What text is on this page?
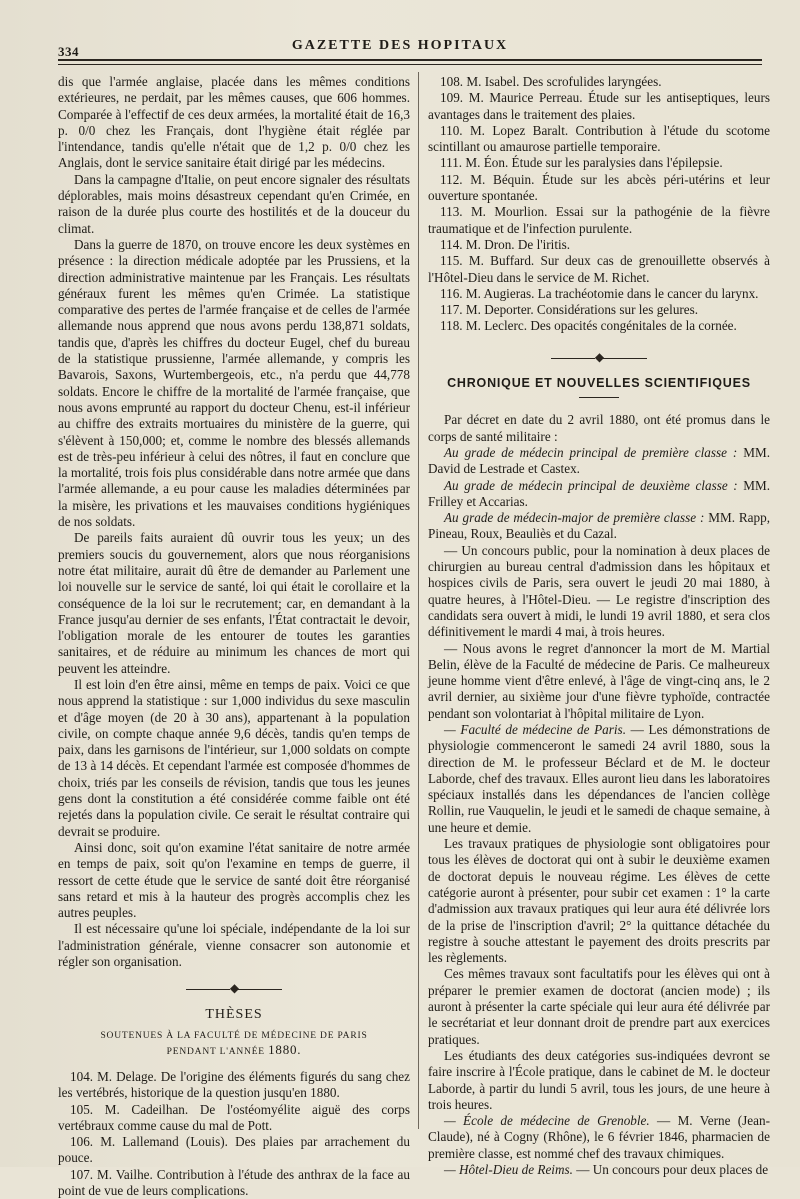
334	GAZETTE DES HOPITAUX

dis que l'armée anglaise, placée dans les mêmes conditions extérieures, ne perdait, par les mêmes causes, que 606 hommes. Comparée à l'effectif de ces deux armées, la mortalité était de 16,3 p. 0/0 chez les Français, dont l'hygiène était réglée par l'intendance, tandis qu'elle n'était que de 1,2 p. 0/0 chez les Anglais, dont le service sanitaire était dirigé par les médecins.

Dans la campagne d'Italie, on peut encore signaler des résultats déplorables, mais moins désastreux cependant qu'en Crimée, en raison de la durée plus courte des hostilités et de la douceur du climat.

Dans la guerre de 1870, on trouve encore les deux systèmes en présence : la direction médicale adoptée par les Prussiens, et la direction administrative maintenue par les Français. Les résultats généraux furent les mêmes qu'en Crimée. La statistique comparative des pertes de l'armée française et de celles de l'armée allemande nous apprend que nous avons perdu 138,871 soldats, tandis que, d'après les chiffres du docteur Eugel, chef du bureau de la statistique prussienne, l'armée allemande, y compris les Bavarois, Saxons, Wurtembergeois, etc., n'a perdu que 44,778 soldats. Encore le chiffre de la mortalité de l'armée française, que nous avons emprunté au rapport du docteur Chenu, est-il inférieur au chiffre des extraits mortuaires du ministère de la guerre, qui s'élèvent à 150,000; et, comme le nombre des blessés allemands est de très-peu inférieur à celui des nôtres, il faut en conclure que la mortalité, trois fois plus considérable dans notre armée que dans l'armée allemande, a eu pour cause les maladies déterminées par la misère, les privations et les mauvaises conditions hygiéniques de nos soldats.

De pareils faits auraient dû ouvrir tous les yeux; un des premiers soucis du gouvernement, alors que nous réorganisions notre état militaire, aurait dû être de demander au Parlement une loi nouvelle sur le service de santé, loi qui était le corollaire et la conséquence de la loi sur le recrutement; car, en demandant à la France jusqu'au dernier de ses enfants, l'État contractait le devoir, l'obligation morale de les entourer de toutes les garanties sanitaires, et de réduire au minimum les chances de mort qui peuvent les atteindre.

Il est loin d'en être ainsi, même en temps de paix. Voici ce que nous apprend la statistique : sur 1,000 individus du sexe masculin et d'âge moyen (de 20 à 30 ans), appartenant à la population civile, on compte chaque année 9,6 décès, tandis qu'en temps de paix, dans les garnisons de l'intérieur, sur 1,000 soldats on compte de 13 à 14 décès. Et cependant l'armée est composée d'hommes de choix, triés par les conseils de révision, tandis que tous les jeunes gens dont la constitution a été considérée comme faible ont été rejetés dans la population civile. Ce serait le résultat contraire qui devrait se produire.

Ainsi donc, soit qu'on examine l'état sanitaire de notre armée en temps de paix, soit qu'on l'examine en temps de guerre, il ressort de cette étude que le service de santé doit être réorganisé sans retard et mis à la hauteur des progrès accomplis chez les autres peuples.

Il est nécessaire qu'une loi spéciale, indépendante de la loi sur l'administration générale, vienne consacrer son autonomie et régler son organisation.

◆
THÈSES
SOUTENUES À LA FACULTÉ DE MÉDECINE DE PARIS
PENDANT L'ANNÉE 1880.

104. M. Delage. De l'origine des éléments figurés du sang chez les vertébrés, historique de la question jusqu'en 1880.

105. M. Cadeilhan. De l'ostéomyélite aiguë des corps vertébraux comme cause du mal de Pott.

106. M. Lallemand (Louis). Des plaies par arrachement du pouce.

107. M. Vailhe. Contribution à l'étude des anthrax de la face au point de vue de leurs complications.

108. M. Isabel. Des scrofulides laryngées.

109. M. Maurice Perreau. Étude sur les antiseptiques, leurs avantages dans le traitement des plaies.

110. M. Lopez Baralt. Contribution à l'étude du scotome scintillant ou amaurose partielle temporaire.

111. M. Éon. Étude sur les paralysies dans l'épilepsie.

112. M. Béquin. Étude sur les abcès péri-utérins et leur ouverture spontanée.

113. M. Mourlion. Essai sur la pathogénie de la fièvre traumatique et de l'infection purulente.

114. M. Dron. De l'iritis.

115. M. Buffard. Sur deux cas de grenouillette observés à l'Hôtel-Dieu dans le service de M. Richet.

116. M. Augieras. La trachéotomie dans le cancer du larynx.

117. M. Deporter. Considérations sur les gelures.

118. M. Leclerc. Des opacités congénitales de la cornée.

◆
CHRONIQUE ET NOUVELLES SCIENTIFIQUES

Par décret en date du 2 avril 1880, ont été promus dans le corps de santé militaire :

Au grade de médecin principal de première classe : MM. David de Lestrade et Castex.

Au grade de médecin principal de deuxième classe : MM. Frilley et Accarias.

Au grade de médecin-major de première classe : MM. Rapp, Pineau, Roux, Beauliès et du Cazal.

— Un concours public, pour la nomination à deux places de chirurgien au bureau central d'admission dans les hôpitaux et hospices civils de Paris, sera ouvert le jeudi 20 mai 1880, à quatre heures, à l'Hôtel-Dieu. — Le registre d'inscription des candidats sera ouvert à midi, le lundi 19 avril 1880, et sera clos définitivement le mardi 4 mai, à trois heures.

— Nous avons le regret d'annoncer la mort de M. Martial Belin, élève de la Faculté de médecine de Paris. Ce malheureux jeune homme vient d'être enlevé, à l'âge de vingt-cinq ans, le 2 avril dernier, au sixième jour d'une fièvre typhoïde, contractée pendant son volontariat à l'hôpital militaire de Lyon.

— Faculté de médecine de Paris. — Les démonstrations de physiologie commenceront le samedi 24 avril 1880, sous la direction de M. le professeur Béclard et de M. le docteur Laborde, chef des travaux. Elles auront lieu dans les laboratoires spéciaux installés dans les dépendances de l'ancien collège Rollin, rue Vauquelin, le jeudi et le samedi de chaque semaine, à une heure et demie.

Les travaux pratiques de physiologie sont obligatoires pour tous les élèves de doctorat qui ont à subir le deuxième examen de doctorat depuis le nouveau régime. Les élèves de cette catégorie auront à présenter, pour subir cet examen : 1° la carte d'admission aux travaux pratiques qui leur aura été délivrée lors de la prise de l'inscription d'avril; 2° la quittance détachée du registre à souche attestant le payement des droits prescrits par les règlements.

Ces mêmes travaux sont facultatifs pour les élèves qui ont à préparer le premier examen de doctorat (ancien mode) ; ils auront à présenter la carte spéciale qui leur aura été délivrée par le secrétariat et leur donnant droit de prendre part aux exercices pratiques.

Les étudiants des deux catégories sus-indiquées devront se faire inscrire à l'École pratique, dans le cabinet de M. le docteur Laborde, à partir du lundi 5 avril, tous les jours, de une heure à trois heures.

— École de médecine de Grenoble. — M. Verne (Jean-Claude), né à Cogny (Rhône), le 6 février 1846, pharmacien de première classe, est nommé chef des travaux chimiques.

— Hôtel-Dieu de Reims. — Un concours pour deux places de
